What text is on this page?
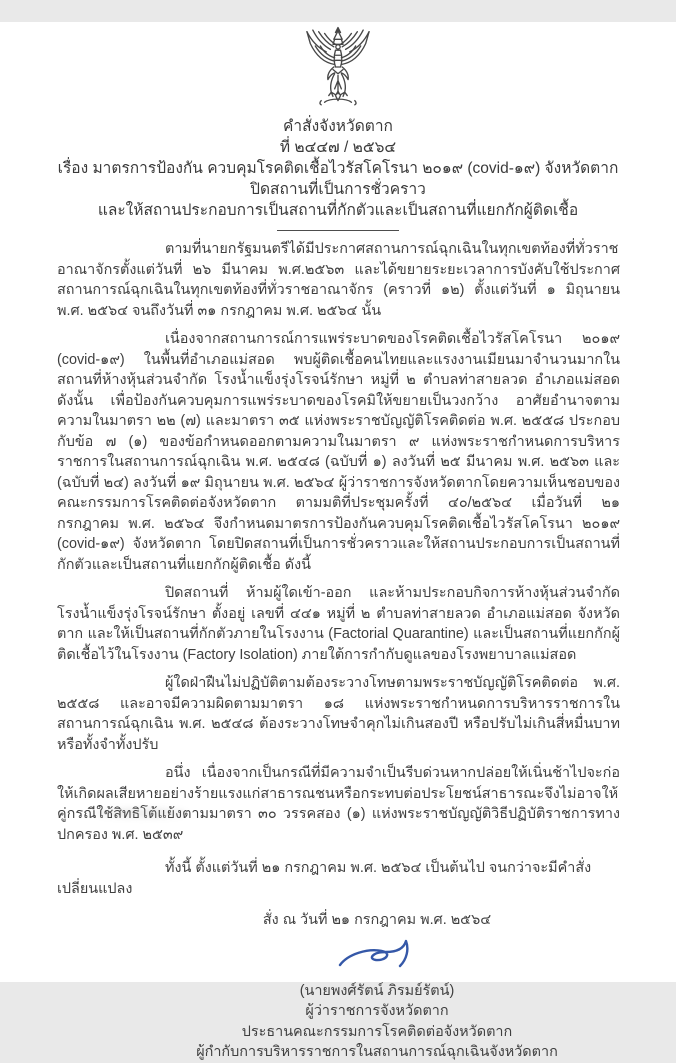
คำสั่งจังหวัดตาก
ที่ ๒๔๔๗ / ๒๕๖๔
เรื่อง มาตรการป้องกัน ควบคุมโรคติดเชื้อไวรัสโคโรนา ๒๐๑๙ (covid-๑๙) จังหวัดตาก
ปิดสถานที่เป็นการชั่วคราว
และให้สถานประกอบการเป็นสถานที่กักตัวและเป็นสถานที่แยกกักผู้ติดเชื้อ

ตามที่นายกรัฐมนตรีได้มีประกาศสถานการณ์ฉุกเฉินในทุกเขตท้องที่ทั่วราชอาณาจักรตั้งแต่วันที่ ๒๖ มีนาคม พ.ศ.๒๕๖๓ และได้ขยายระยะเวลาการบังคับใช้ประกาศสถานการณ์ฉุกเฉินในทุกเขตท้องที่ทั่วราชอาณาจักร (คราวที่ ๑๒) ตั้งแต่วันที่ ๑ มิถุนายน พ.ศ. ๒๕๖๔ จนถึงวันที่ ๓๑ กรกฎาคม พ.ศ. ๒๕๖๔ นั้น

เนื่องจากสถานการณ์การแพร่ระบาดของโรคติดเชื้อไวรัสโคโรนา ๒๐๑๙ (covid-๑๙) ในพื้นที่อำเภอแม่สอด พบผู้ติดเชื้อคนไทยและแรงงานเมียนมาจำนวนมากในสถานที่ห้างหุ้นส่วนจำกัด โรงน้ำแข็งรุ่งโรจน์รักษา หมู่ที่ ๒ ตำบลท่าสายลวด อำเภอแม่สอด ดังนั้น เพื่อป้องกันควบคุมการแพร่ระบาดของโรคมิให้ขยายเป็นวงกว้าง อาศัยอำนาจตามความในมาตรา ๒๒ (๗) และมาตรา ๓๕ แห่งพระราชบัญญัติโรคติดต่อ พ.ศ. ๒๕๕๘ ประกอบกับข้อ ๗ (๑) ของข้อกำหนดออกตามความในมาตรา ๙ แห่งพระราชกำหนดการบริหารราชการในสถานการณ์ฉุกเฉิน พ.ศ. ๒๕๔๘ (ฉบับที่ ๑) ลงวันที่ ๒๕ มีนาคม พ.ศ. ๒๕๖๓ และ (ฉบับที่ ๒๔) ลงวันที่ ๑๙ มิถุนายน พ.ศ. ๒๕๖๔ ผู้ว่าราชการจังหวัดตากโดยความเห็นชอบของคณะกรรมการโรคติดต่อจังหวัดตาก ตามมติที่ประชุมครั้งที่ ๔๐/๒๕๖๔ เมื่อวันที่ ๒๑ กรกฎาคม พ.ศ. ๒๕๖๔ จึงกำหนดมาตรการป้องกันควบคุมโรคติดเชื้อไวรัสโคโรนา ๒๐๑๙ (covid-๑๙) จังหวัดตาก โดยปิดสถานที่เป็นการชั่วคราวและให้สถานประกอบการเป็นสถานที่กักตัวและเป็นสถานที่แยกกักผู้ติดเชื้อ ดังนี้

ปิดสถานที่ ห้ามผู้ใดเข้า-ออก และห้ามประกอบกิจการห้างหุ้นส่วนจำกัด โรงน้ำแข็งรุ่งโรจน์รักษา ตั้งอยู่ เลขที่ ๔๔๑ หมู่ที่ ๒ ตำบลท่าสายลวด อำเภอแม่สอด จังหวัดตาก และให้เป็นสถานที่กักตัวภายในโรงงาน (Factorial Quarantine) และเป็นสถานที่แยกกักผู้ติดเชื้อไว้ในโรงงาน (Factory Isolation) ภายใต้การกำกับดูแลของโรงพยาบาลแม่สอด

ผู้ใดฝ่าฝืนไม่ปฏิบัติตามต้องระวางโทษตามพระราชบัญญัติโรคติดต่อ พ.ศ. ๒๕๕๘ และอาจมีความผิดตามมาตรา ๑๘ แห่งพระราชกำหนดการบริหารราชการในสถานการณ์ฉุกเฉิน พ.ศ. ๒๕๔๘ ต้องระวางโทษจำคุกไม่เกินสองปี หรือปรับไม่เกินสี่หมื่นบาท หรือทั้งจำทั้งปรับ

อนึ่ง เนื่องจากเป็นกรณีที่มีความจำเป็นรีบด่วนหากปล่อยให้เนิ่นช้าไปจะก่อให้เกิดผลเสียหายอย่างร้ายแรงแก่สาธารณชนหรือกระทบต่อประโยชน์สาธารณะจึงไม่อาจให้คู่กรณีใช้สิทธิโต้แย้งตามมาตรา ๓๐ วรรคสอง (๑) แห่งพระราชบัญญัติวิธีปฏิบัติราชการทางปกครอง พ.ศ. ๒๕๓๙

ทั้งนี้ ตั้งแต่วันที่ ๒๑ กรกฎาคม พ.ศ. ๒๕๖๔ เป็นต้นไป จนกว่าจะมีคำสั่งเปลี่ยนแปลง

สั่ง ณ วันที่ ๒๑ กรกฎาคม พ.ศ. ๒๕๖๔
(นายพงศ์รัตน์ ภิรมย์รัตน์)
ผู้ว่าราชการจังหวัดตาก
ประธานคณะกรรมการโรคติดต่อจังหวัดตาก
ผู้กำกับการบริหารราชการในสถานการณ์ฉุกเฉินจังหวัดตาก
